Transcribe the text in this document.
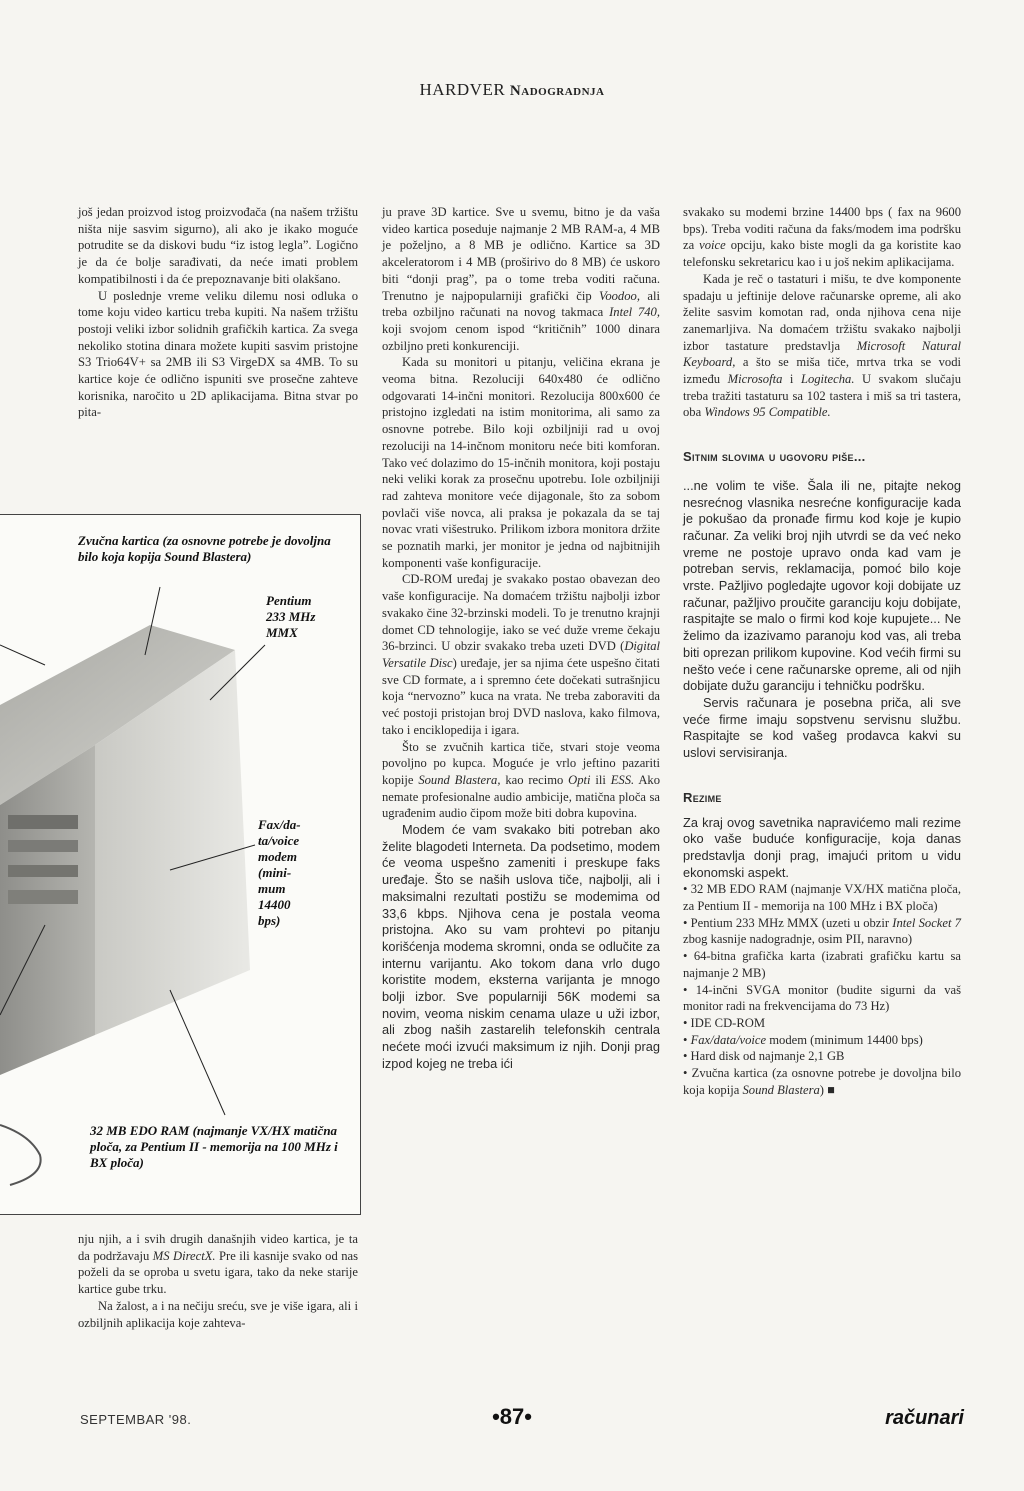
HARDVER Nadogradnja

još jedan proizvod istog proizvođača (na našem tržištu ništa nije sasvim sigurno), ali ako je ikako moguće potrudite se da diskovi budu “iz istog legla”. Logično je da će bolje sarađivati, da neće imati problem kompatibilnosti i da će prepoznavanje biti olakšano.

U poslednje vreme veliku dilemu nosi odluka o tome koju video karticu treba kupiti. Na našem tržištu postoji veliki izbor solidnih grafičkih kartica. Za svega nekoliko stotina dinara možete kupiti sasvim pristojne S3 Trio64V+ sa 2MB ili S3 VirgeDX sa 4MB. To su kartice koje će odlično ispuniti sve prosečne zahteve korisnika, naročito u 2D aplikacijama. Bitna stvar po pita-

Zvučna kartica (za osnovne potrebe je dovoljna bilo koja kopija Sound Blastera)
Pentium
233 MHz
MMX
Fax/da-
ta/voice
modem
(mini-
mum
14400
bps)
32 MB EDO RAM (najmanje VX/HX matična ploča, za Pentium II - memorija na 100 MHz i BX ploča)

nju njih, a i svih drugih današnjih video kartica, je ta da podržavaju MS DirectX. Pre ili kasnije svako od nas poželi da se oproba u svetu igara, tako da neke starije kartice gube trku.

Na žalost, a i na nečiju sreću, sve je više igara, ali i ozbiljnih aplikacija koje zahteva-

ju prave 3D kartice. Sve u svemu, bitno je da vaša video kartica poseduje najmanje 2 MB RAM-a, 4 MB je poželjno, a 8 MB je odlično. Kartice sa 3D akceleratorom i 4 MB (proširivo do 8 MB) će uskoro biti “donji prag”, pa o tome treba voditi računa. Trenutno je najpopularniji grafički čip Voodoo, ali treba ozbiljno računati na novog takmaca Intel 740, koji svojom cenom ispod “kritičnih” 1000 dinara ozbiljno preti konkurenciji.

Kada su monitori u pitanju, veličina ekrana je veoma bitna. Rezoluciji 640x480 će odlično odgovarati 14-inčni monitori. Rezolucija 800x600 će pristojno izgledati na istim monitorima, ali samo za osnovne potrebe. Bilo koji ozbiljniji rad u ovoj rezoluciji na 14-inčnom monitoru neće biti komforan. Tako već dolazimo do 15-inčnih monitora, koji postaju neki veliki korak za prosečnu upotrebu. Iole ozbiljniji rad zahteva monitore veće dijagonale, što za sobom povlači više novca, ali praksa je pokazala da se taj novac vrati višestruko. Prilikom izbora monitora držite se poznatih marki, jer monitor je jedna od najbitnijih komponenti vaše konfiguracije.

CD-ROM uređaj je svakako postao obavezan deo vaše konfiguracije. Na domaćem tržištu najbolji izbor svakako čine 32-brzinski modeli. To je trenutno krajnji domet CD tehnologije, iako se već duže vreme čekaju 36-brzinci. U obzir svakako treba uzeti DVD (Digital Versatile Disc) uređaje, jer sa njima ćete uspešno čitati sve CD formate, a i spremno ćete dočekati sutrašnjicu koja “nervozno” kuca na vrata. Ne treba zaboraviti da već postoji pristojan broj DVD naslova, kako filmova, tako i enciklopedija i igara.

Što se zvučnih kartica tiče, stvari stoje veoma povoljno po kupca. Moguće je vrlo jeftino pazariti kopije Sound Blastera, kao recimo Opti ili ESS. Ako nemate profesionalne audio ambicije, matična ploča sa ugrađenim audio čipom može biti dobra kupovina.

Modem će vam svakako biti potreban ako želite blagodeti Interneta. Da podsetimo, modem će veoma uspešno zameniti i preskupe faks uređaje. Što se naših uslova tiče, najbolji, ali i maksimalni rezultati postižu se modemima od 33,6 kbps. Njihova cena je postala veoma pristojna. Ako su vam prohtevi po pitanju korišćenja modema skromni, onda se odlučite za internu varijantu. Ako tokom dana vrlo dugo koristite modem, eksterna varijanta je mnogo bolji izbor. Sve popularniji 56K modemi sa novim, veoma niskim cenama ulaze u uži izbor, ali zbog naših zastarelih telefonskih centrala nećete moći izvući maksimum iz njih. Donji prag izpod kojeg ne treba ići

svakako su modemi brzine 14400 bps ( fax na 9600 bps). Treba voditi računa da faks/modem ima podršku za voice opciju, kako biste mogli da ga koristite kao telefonsku sekretaricu kao i u još nekim aplikacijama.

Kada je reč o tastaturi i mišu, te dve komponente spadaju u jeftinije delove računarske opreme, ali ako želite sasvim komotan rad, onda njihova cena nije zanemarljiva. Na domaćem tržištu svakako najbolji izbor tastature predstavlja Microsoft Natural Keyboard, a što se miša tiče, mrtva trka se vodi između Microsofta i Logitecha. U svakom slučaju treba tražiti tastaturu sa 102 tastera i miš sa tri tastera, oba Windows 95 Compatible.

Sitnim slovima u ugovoru piše...

...ne volim te više. Šala ili ne, pitajte nekog nesrećnog vlasnika nesrećne konfiguracije kada je pokušao da pronađe firmu kod koje je kupio računar. Za veliki broj njih utvrdi se da već neko vreme ne postoje upravo onda kad vam je potreban servis, reklamacija, pomoć bilo koje vrste. Pažljivo pogledajte ugovor koji dobijate uz računar, pažljivo proučite garanciju koju dobijate, raspitajte se malo o firmi kod koje kupujete... Ne želimo da izazivamo paranoju kod vas, ali treba biti oprezan prilikom kupovine. Kod većih firmi su nešto veće i cene računarske opreme, ali od njih dobijate dužu garanciju i tehničku podršku.

Servis računara je posebna priča, ali sve veće firme imaju sopstvenu servisnu službu. Raspitajte se kod vašeg prodavca kakvi su uslovi servisiranja.

Rezime

Za kraj ovog savetnika napravićemo mali rezime oko vaše buduće konfiguracije, koja danas predstavlja donji prag, imajući pritom u vidu ekonomski aspekt.

• 32 MB EDO RAM (najmanje VX/HX matična ploča, za Pentium II - memorija na 100 MHz i BX ploča)

• Pentium 233 MHz MMX (uzeti u obzir Intel Socket 7 zbog kasnije nadogradnje, osim PII, naravno)

• 64-bitna grafička karta (izabrati grafičku kartu sa najmanje 2 MB)

• 14-inčni SVGA monitor (budite sigurni da vaš monitor radi na frekvencijama do 73 Hz)

• IDE CD-ROM

• Fax/data/voice modem (minimum 14400 bps)

• Hard disk od najmanje 2,1 GB

• Zvučna kartica (za osnovne potrebe je dovoljna bilo koja kopija Sound Blastera) ■

SEPTEMBAR '98.	•87•	računari
